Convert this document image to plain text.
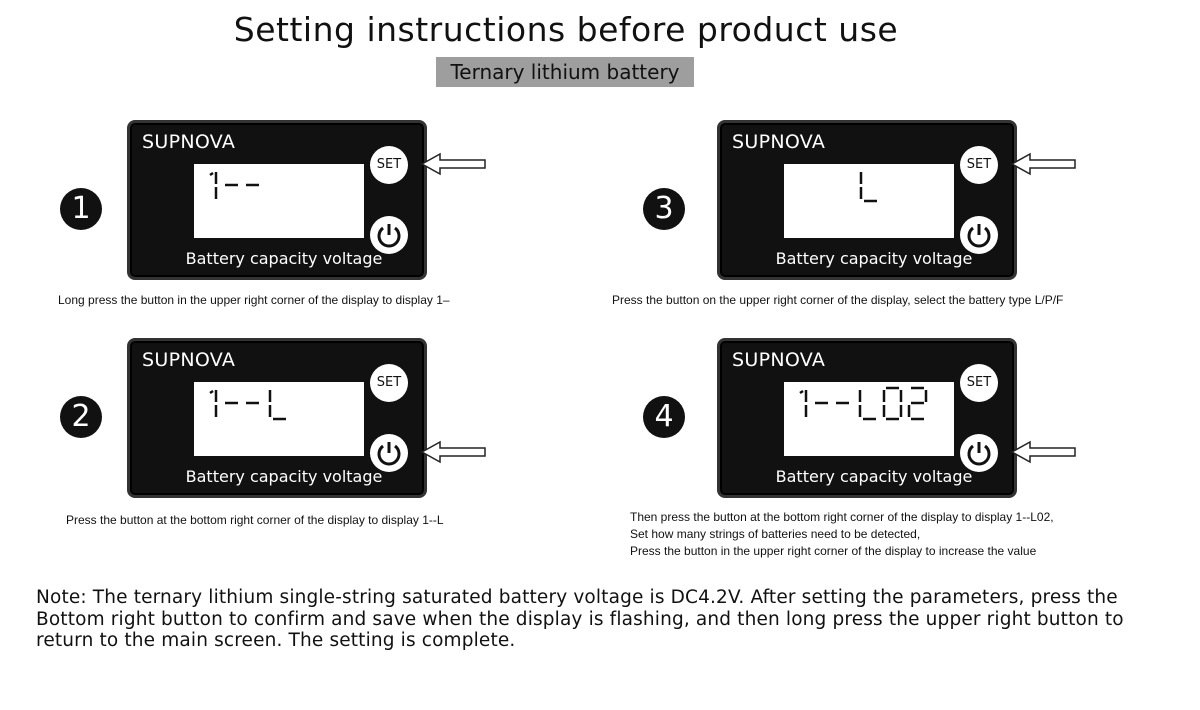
Setting instructions before product use
Ternary lithium battery
1
SUPNOVA
SET
Battery capacity voltage
Long press the button in the upper right corner of the display to display 1–
2
SUPNOVA
SET
Battery capacity voltage
Press the button at the bottom right corner of the display to display 1--L
3
SUPNOVA
SET
Battery capacity voltage
Press the button on the upper right corner of the display, select the battery type L/P/F
4
SUPNOVA
SET
Battery capacity voltage
Then press the button at the bottom right corner of the display to display 1--L02,
Set how many strings of batteries need to be detected,
Press the button in the upper right corner of the display to increase the value
Note: The ternary lithium single-string saturated battery voltage is DC4.2V. After setting the parameters, press the Bottom right button to confirm and save when the display is flashing, and then long press the upper right button to return to the main screen. The setting is complete.
